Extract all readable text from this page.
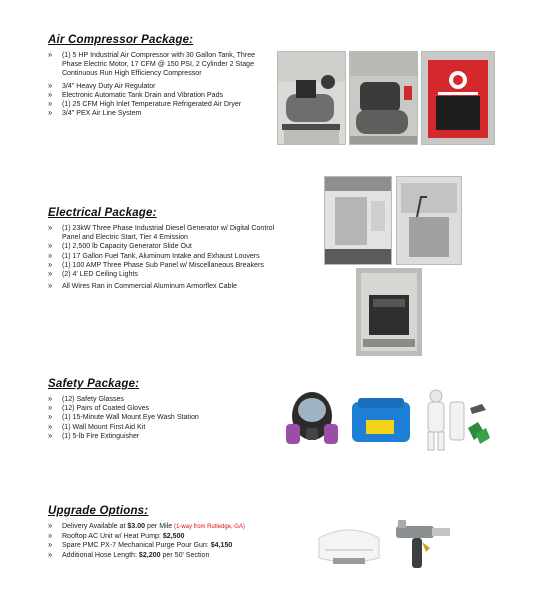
Air Compressor Package:
» (1) 5 HP Industrial Air Compressor with 30 Gallon Tank, Three Phase Electric Motor, 17 CFM @ 150 PSI, 2 Cylinder 2 Stage Continuous Run High Efficiency Compressor
» 3/4" Heavy Duty Air Regulator
» Electronic Automatic Tank Drain and Vibration Pads
» (1) 25 CFM High Inlet Temperature Refrigerated Air Dryer
» 3/4" PEX Air Line System
Electrical Package:
» (1) 23kW Three Phase Industrial Diesel Generator w/ Digital Control Panel and Electric Start, Tier 4 Emission
» (1) 2,500 lb Capacity Generator Slide Out
» (1) 17 Gallon Fuel Tank, Aluminum Intake and Exhaust Louvers
» (1) 100 AMP Three Phase Sub Panel w/ Miscellaneous Breakers
» (2) 4' LED Ceiling Lights
» All Wires Ran in Commercial Aluminum Armorflex Cable
Safety Package:
» (12) Safety Glasses
» (12) Pairs of Coated Gloves
» (1) 15-Minute Wall Mount Eye Wash Station
» (1) Wall Mount First Aid Kit
» (1) 5-lb Fire Extinguisher
Upgrade Options:
» Delivery Available at $3.00 per Mile (1-way from Rutledge, GA)
» Rooftop AC Unit w/ Heat Pump: $2,500
» Spare PMC PX-7 Mechanical Purge Pour Gun: $4,150
» Additional Hose Length: $2,200 per 50' Section
